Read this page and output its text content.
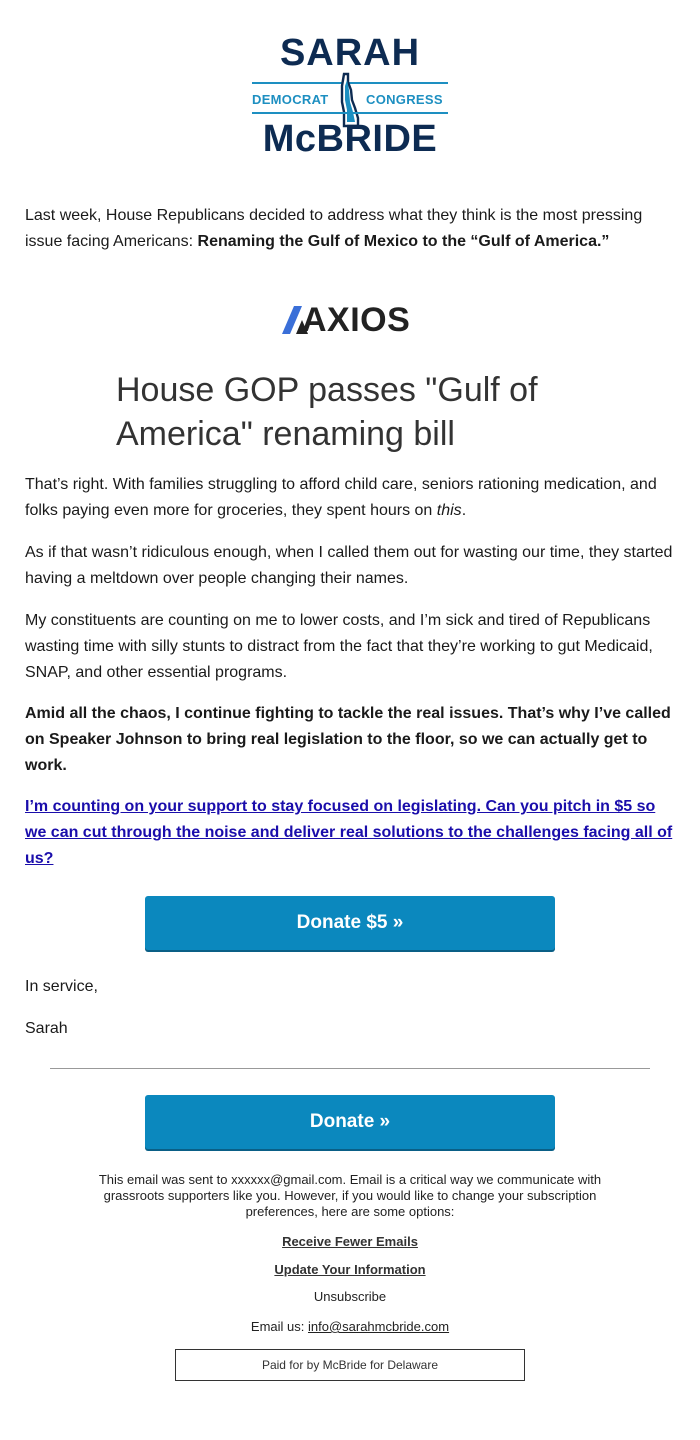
SARAH
DEMOCRAT	CONGRESS
McBRIDE

Last week, House Republicans decided to address what they think is the most pressing issue facing Americans: Renaming the Gulf of Mexico to the “Gulf of America.”

AXIOS

House GOP passes "Gulf of America" renaming bill

That’s right. With families struggling to afford child care, seniors rationing medication, and folks paying even more for groceries, they spent hours on this.

As if that wasn’t ridiculous enough, when I called them out for wasting our time, they started having a meltdown over people changing their names.

My constituents are counting on me to lower costs, and I’m sick and tired of Republicans wasting time with silly stunts to distract from the fact that they’re working to gut Medicaid, SNAP, and other essential programs.

Amid all the chaos, I continue fighting to tackle the real issues. That’s why I’ve called on Speaker Johnson to bring real legislation to the floor, so we can actually get to work.

I’m counting on your support to stay focused on legislating. Can you pitch in $5 so we can cut through the noise and deliver real solutions to the challenges facing all of us?

Donate $5 »

In service,

Sarah

Donate »

This email was sent to xxxxxx@gmail.com. Email is a critical way we communicate with grassroots supporters like you. However, if you would like to change your subscription preferences, here are some options:

Receive Fewer Emails
Update Your Information
Unsubscribe
Email us: info@sarahmcbride.com
Paid for by McBride for Delaware
